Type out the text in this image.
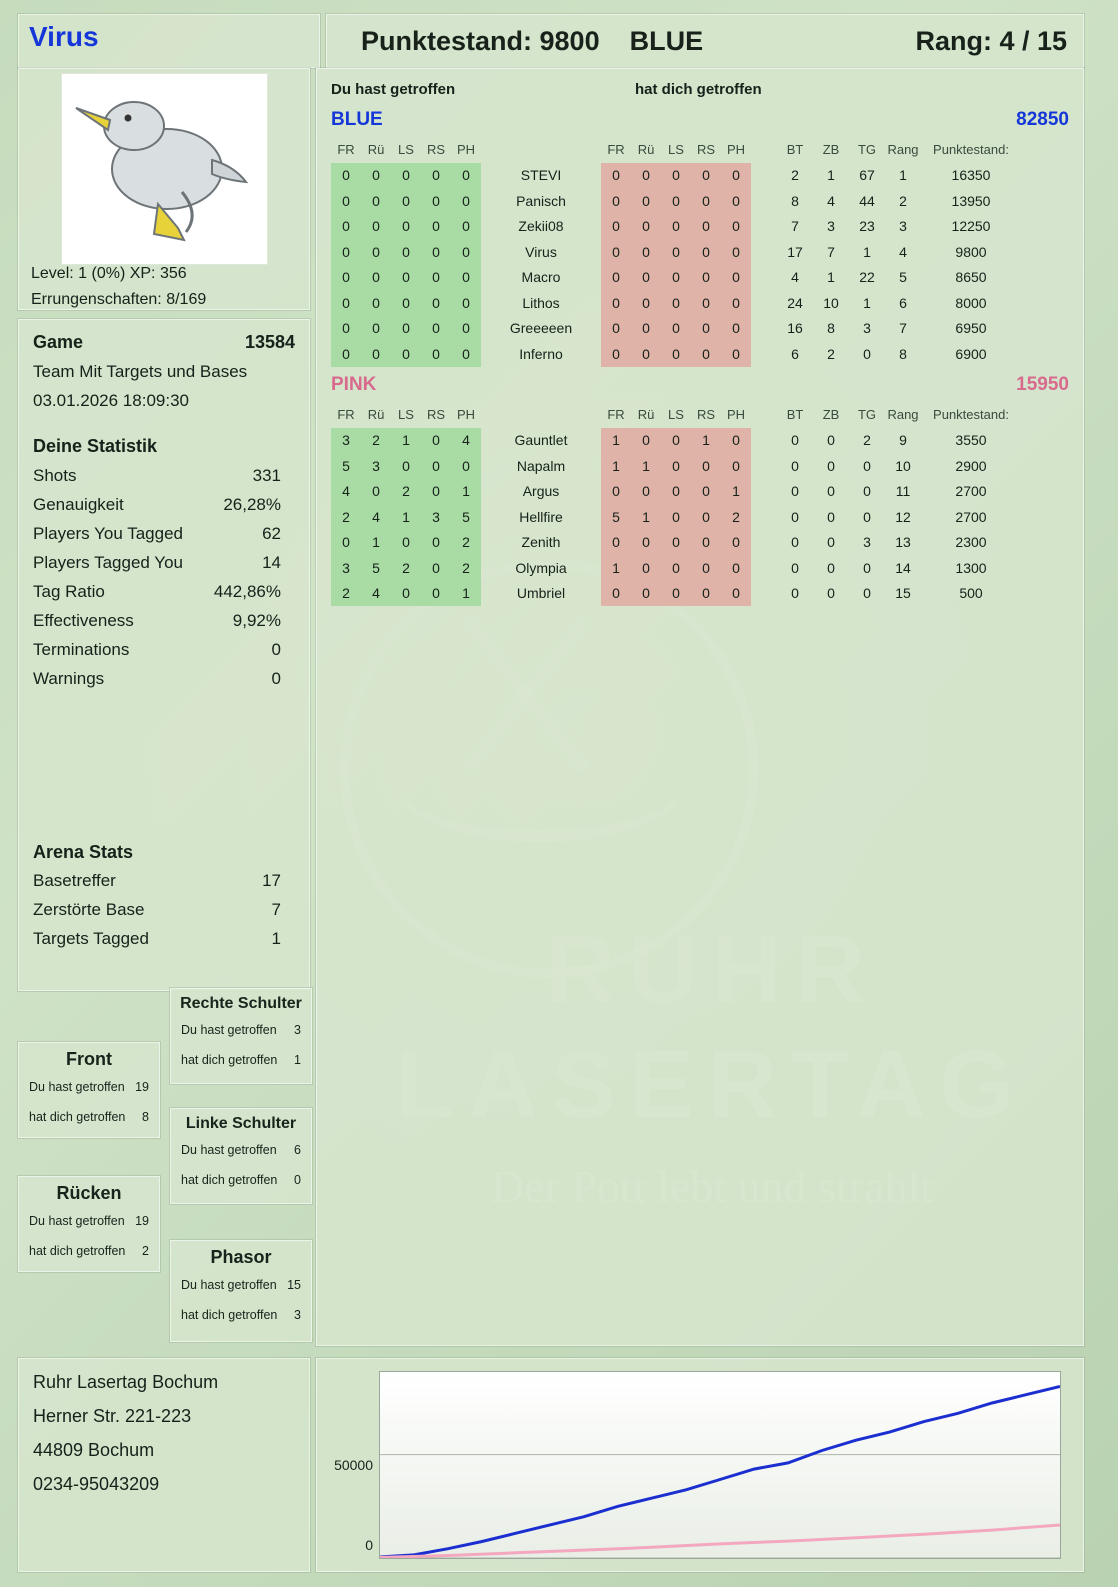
Virus	Punktestand: 9800 BLUE	Rang: 4 / 15
Level: 1 (0%) XP: 356
Errungenschaften: 8/169
Game	13584
Team Mit Targets und Bases
03.01.2026 18:09:30
Deine Statistik
Shots	331
Genauigkeit	26,28%
Players You Tagged	62
Players Tagged You	14
Tag Ratio	442,86%
Effectiveness	9,92%
Terminations	0
Warnings	0
Arena Stats
Basetreffer	17
Zerstörte Base	7
Targets Tagged	1
Rechte Schulter
Du hast getroffen 3
hat dich getroffen 1
Front
Du hast getroffen 19
hat dich getroffen 8	Linke Schulter
Du hast getroffen 6
hat dich getroffen 0
Rücken
Du hast getroffen 19
hat dich getroffen 2	Phasor
Du hast getroffen 15
hat dich getroffen 3
Ruhr Lasertag Bochum
Herner Str. 221-223
44809 Bochum
0234-95043209
Du hast getroffen	hat dich getroffen
BLUE	82850
FR	Rü	LS	RS	PH		FR	Rü	LS	RS	PH		BT	ZB	TG	Rang	Punktestand:
0	0	0	0	0	STEVI	0	0	0	0	0		2	1	67	1	16350
0	0	0	0	0	Panisch	0	0	0	0	0		8	4	44	2	13950
0	0	0	0	0	Zekii08	0	0	0	0	0		7	3	23	3	12250
0	0	0	0	0	Virus	0	0	0	0	0		17	7	1	4	9800
0	0	0	0	0	Macro	0	0	0	0	0		4	1	22	5	8650
0	0	0	0	0	Lithos	0	0	0	0	0		24	10	1	6	8000
0	0	0	0	0	Greeeeen	0	0	0	0	0		16	8	3	7	6950
0	0	0	0	0	Inferno	0	0	0	0	0		6	2	0	8	6900
PINK	15950
FR	Rü	LS	RS	PH		FR	Rü	LS	RS	PH		BT	ZB	TG	Rang	Punktestand:
3	2	1	0	4	Gauntlet	1	0	0	1	0		0	0	2	9	3550
5	3	0	0	0	Napalm	1	1	0	0	0		0	0	0	10	2900
4	0	2	0	1	Argus	0	0	0	0	1		0	0	0	11	2700
2	4	1	3	5	Hellfire	5	1	0	0	2		0	0	0	12	2700
0	1	0	0	2	Zenith	0	0	0	0	0		0	0	3	13	2300
3	5	2	0	2	Olympia	1	0	0	0	0		0	0	0	14	1300
2	4	0	0	1	Umbriel	0	0	0	0	0		0	0	0	15	500
0
50000
